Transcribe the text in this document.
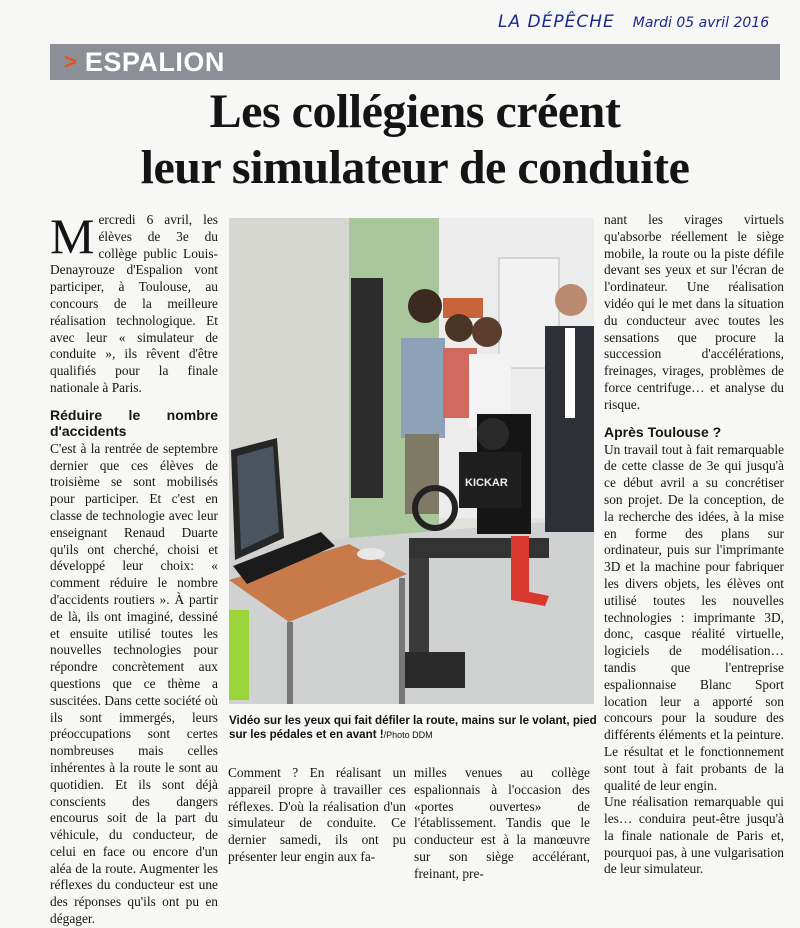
LA DÉPÊCHE Mardi 05 avril 2016
> ESPALION
Les collégiens créent
leur simulateur de conduite

Mercredi 6 avril, les élèves de 3e du collège public Louis-Denayrouze d'Espalion vont participer, à Toulouse, au concours de la meilleure réalisation technologique. Et avec leur « simulateur de conduite », ils rêvent d'être qualifiés pour la finale nationale à Paris.

Réduire le nombre d'accidents

C'est à la rentrée de septembre dernier que ces élèves de troisième se sont mobilisés pour participer. Et c'est en classe de technologie avec leur enseignant Renaud Duarte qu'ils ont cherché, choisi et développé leur choix: « comment réduire le nombre d'accidents routiers ». À partir de là, ils ont imaginé, dessiné et ensuite utilisé toutes les nouvelles technologies pour répondre concrètement aux questions que ce thème a suscitées. Dans cette société où ils sont immergés, leurs préoccupations sont certes nombreuses mais celles inhérentes à la route le sont au quotidien. Et ils sont déjà conscients des dangers encourus soit de la part du véhicule, du conducteur, de celui en face ou encore d'un aléa de la route. Augmenter les réflexes du conducteur est une des réponses qu'ils ont pu en dégager.

KICKAR
Vidéo sur les yeux qui fait défiler la route, mains sur le volant, pied sur les pédales et en avant !/Photo DDM

Comment ? En réalisant un appareil propre à travailler ces réflexes. D'où la réalisation d'un simulateur de conduite. Ce dernier samedi, ils ont pu présenter leur engin aux fa-

milles venues au collège espalionnais à l'occasion des «portes ouvertes» de l'établissement. Tandis que le conducteur est à la manœuvre sur son siège accélérant, freinant, pre-

nant les virages virtuels qu'absorbe réellement le siège mobile, la route ou la piste défile devant ses yeux et sur l'écran de l'ordinateur. Une réalisation vidéo qui le met dans la situation du conducteur avec toutes les sensations que procure la succession d'accélérations, freinages, virages, problèmes de force centrifuge… et analyse du risque.

Après Toulouse ?

Un travail tout à fait remarquable de cette classe de 3e qui jusqu'à ce début avril a su concrétiser son projet. De la conception, de la recherche des idées, à la mise en forme des plans sur ordinateur, puis sur l'imprimante 3D et la machine pour fabriquer les divers objets, les élèves ont utilisé toutes les nouvelles technologies : imprimante 3D, donc, casque réalité virtuelle, logiciels de modélisation… tandis que l'entreprise espalionnaise Blanc Sport location leur a apporté son concours pour la soudure des différents éléments et la peinture. Le résultat et le fonctionnement sont tout à fait probants de la qualité de leur engin.

Une réalisation remarquable qui les… conduira peut-être jusqu'à la finale nationale de Paris et, pourquoi pas, à une vulgarisation de leur simulateur.
